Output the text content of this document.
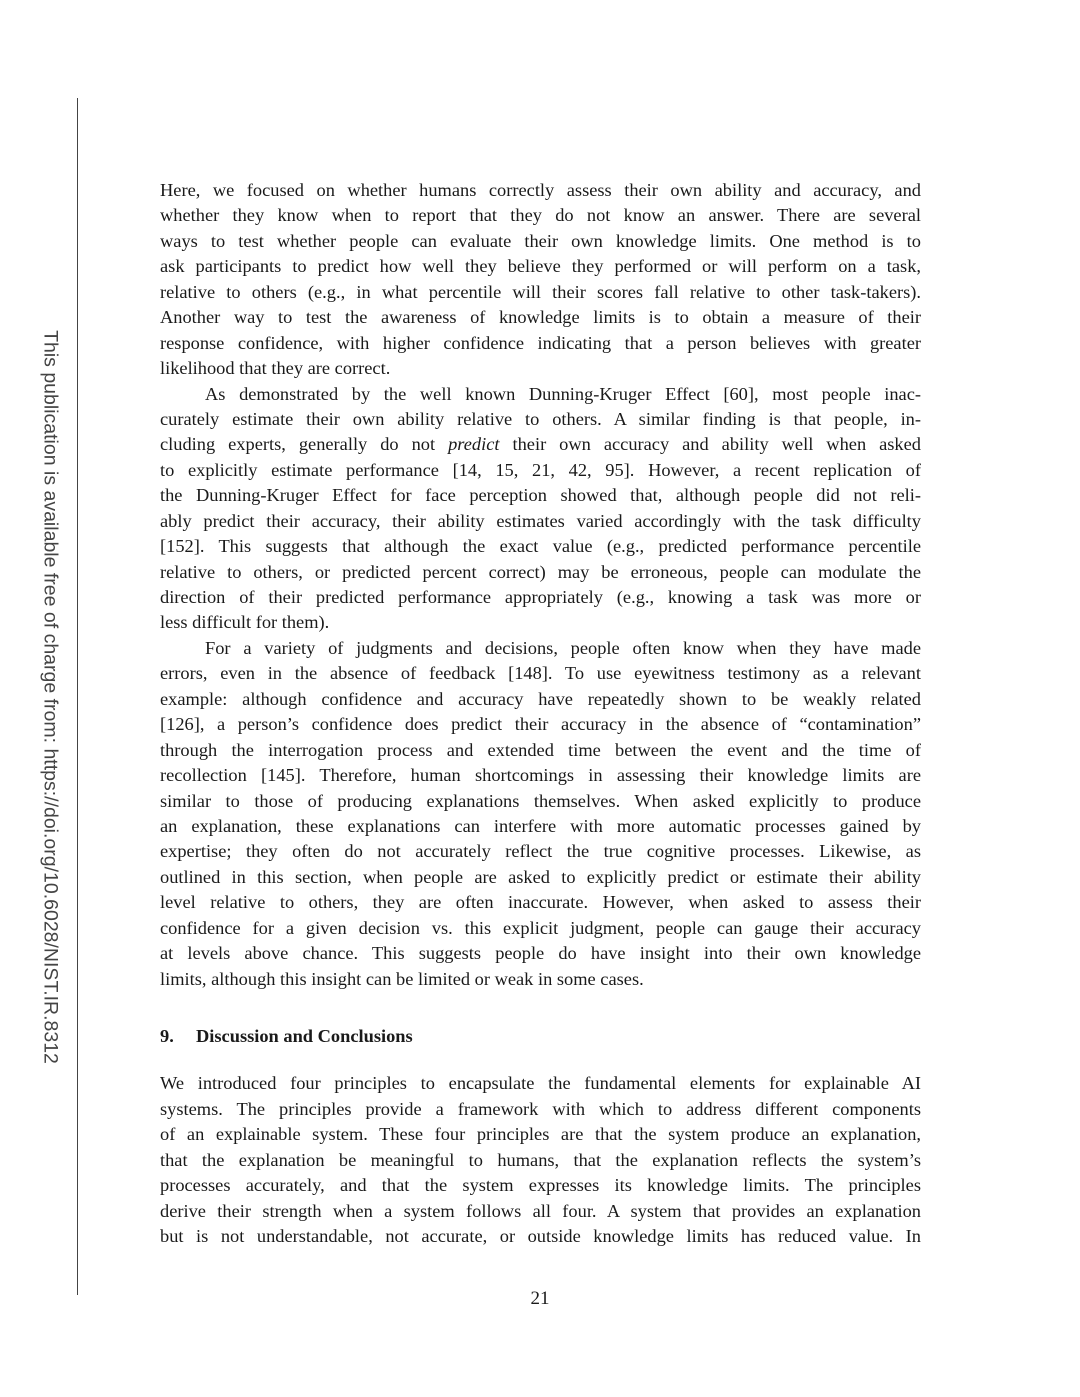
This publication is available free of charge from: https://doi.org/10.6028/NIST.IR.8312
Here, we focused on whether humans correctly assess their own ability and accuracy, and
whether they know when to report that they do not know an answer. There are several
ways to test whether people can evaluate their own knowledge limits. One method is to
ask participants to predict how well they believe they performed or will perform on a task,
relative to others (e.g., in what percentile will their scores fall relative to other task-takers).
Another way to test the awareness of knowledge limits is to obtain a measure of their
response confidence, with higher confidence indicating that a person believes with greater
likelihood that they are correct.
As demonstrated by the well known Dunning-Kruger Effect [60], most people inac-
curately estimate their own ability relative to others. A similar finding is that people, in-
cluding experts, generally do not predict their own accuracy and ability well when asked
to explicitly estimate performance [14, 15, 21, 42, 95]. However, a recent replication of
the Dunning-Kruger Effect for face perception showed that, although people did not reli-
ably predict their accuracy, their ability estimates varied accordingly with the task difficulty
[152]. This suggests that although the exact value (e.g., predicted performance percentile
relative to others, or predicted percent correct) may be erroneous, people can modulate the
direction of their predicted performance appropriately (e.g., knowing a task was more or
less difficult for them).
For a variety of judgments and decisions, people often know when they have made
errors, even in the absence of feedback [148]. To use eyewitness testimony as a relevant
example: although confidence and accuracy have repeatedly shown to be weakly related
[126], a person’s confidence does predict their accuracy in the absence of “contamination”
through the interrogation process and extended time between the event and the time of
recollection [145]. Therefore, human shortcomings in assessing their knowledge limits are
similar to those of producing explanations themselves. When asked explicitly to produce
an explanation, these explanations can interfere with more automatic processes gained by
expertise; they often do not accurately reflect the true cognitive processes. Likewise, as
outlined in this section, when people are asked to explicitly predict or estimate their ability
level relative to others, they are often inaccurate. However, when asked to assess their
confidence for a given decision vs. this explicit judgment, people can gauge their accuracy
at levels above chance. This suggests people do have insight into their own knowledge
limits, although this insight can be limited or weak in some cases.
9. Discussion and Conclusions
We introduced four principles to encapsulate the fundamental elements for explainable AI
systems. The principles provide a framework with which to address different components
of an explainable system. These four principles are that the system produce an explanation,
that the explanation be meaningful to humans, that the explanation reflects the system’s
processes accurately, and that the system expresses its knowledge limits. The principles
derive their strength when a system follows all four. A system that provides an explanation
but is not understandable, not accurate, or outside knowledge limits has reduced value. In
21
